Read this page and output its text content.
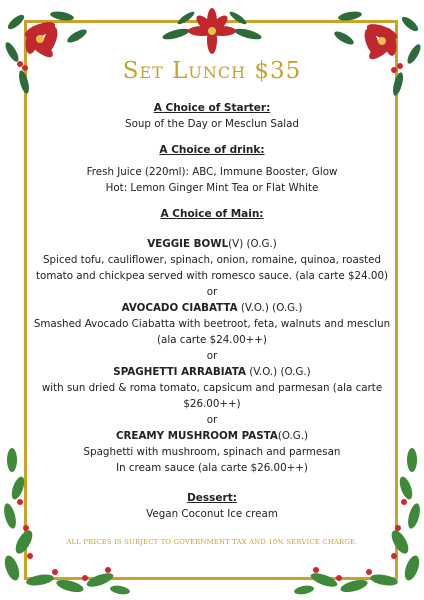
Set Lunch $35
A Choice of Starter:
Soup of the Day or Mesclun Salad
A Choice of drink:
Fresh Juice (220ml): ABC, Immune Booster, Glow
Hot: Lemon Ginger Mint Tea or Flat White
A Choice of Main:
VEGGIE BOWL(V) (O.G.)
Spiced tofu, cauliflower, spinach, onion, romaine, quinoa, roasted
tomato and chickpea served with romesco sauce. (ala carte $24.00)
or
AVOCADO CIABATTA (V.O.) (O.G.)
Smashed Avocado Ciabatta with beetroot, feta, walnuts and mesclun
(ala carte $24.00++)
or
SPAGHETTI ARRABIATA (V.O.) (O.G.)
with sun dried & roma tomato, capsicum and parmesan (ala carte
$26.00++)
or
CREAMY MUSHROOM PASTA(O.G.)
Spaghetti with mushroom, spinach and parmesan
In cream sauce (ala carte $26.00++)
Dessert:
Vegan Coconut Ice cream
ALL PRICES IS SUBJECT TO GOVERNMENT TAX AND 10% SERVICE CHARGE.
